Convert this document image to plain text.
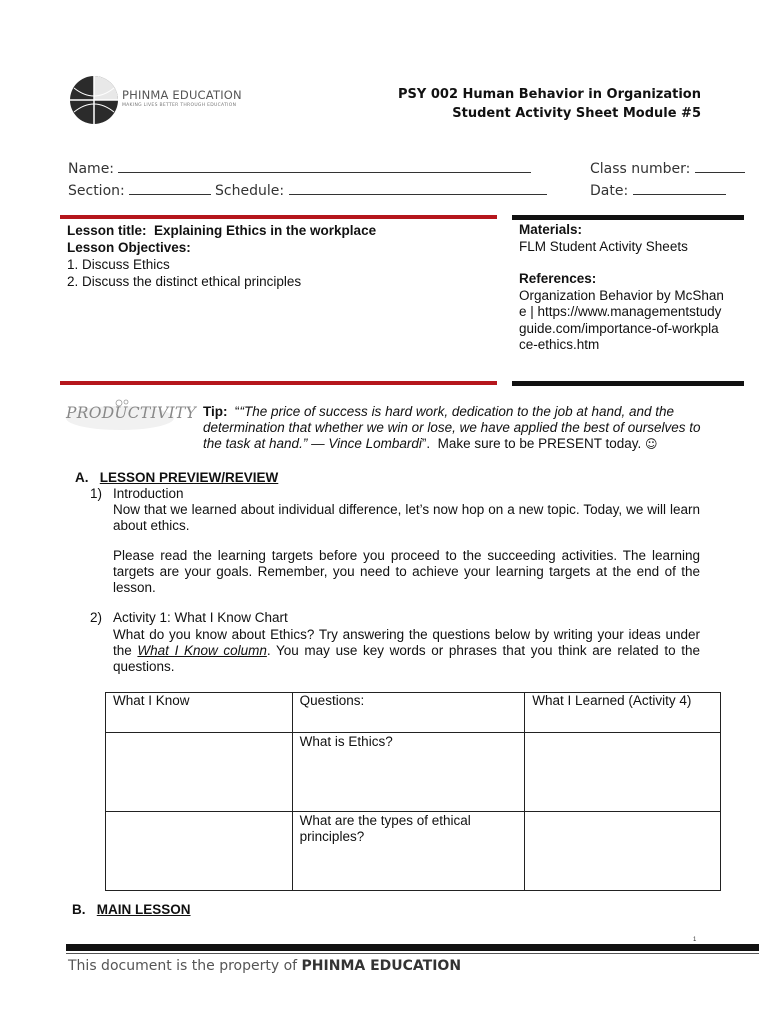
PHINMA EDUCATION
MAKING LIVES BETTER THROUGH EDUCATION
PSY 002 Human Behavior in Organization
Student Activity Sheet Module #5
Name:	Class number:
Section:	Schedule:	Date:
Lesson title: Explaining Ethics in the workplace
Lesson Objectives:
1. Discuss Ethics
2. Discuss the distinct ethical principles
Materials:
FLM Student Activity Sheets
References:
Organization Behavior by McShane | https://www.managementstudyguide.com/importance-of-workplace-ethics.htm
PRODUCTIVITY Tip:  ““The price of success is hard work, dedication to the job at hand, and the determination that whether we win or lose, we have applied the best of ourselves to the task at hand.” — Vince Lombardi”.  Make sure to be PRESENT today. ☺
A. LESSON PREVIEW/REVIEW
1) Introduction
Now that we learned about individual difference, let’s now hop on a new topic. Today, we will learn about ethics.
Please read the learning targets before you proceed to the succeeding activities. The learning targets are your goals. Remember, you need to achieve your learning targets at the end of the lesson.
2) Activity 1: What I Know Chart
What do you know about Ethics? Try answering the questions below by writing your ideas under the What I Know column. You may use key words or phrases that you think are related to the questions.
What I Know	Questions:	What I Learned (Activity 4)
	What is Ethics?	
	What are the types of ethical principles?	
B. MAIN LESSON
1
This document is the property of PHINMA EDUCATION
